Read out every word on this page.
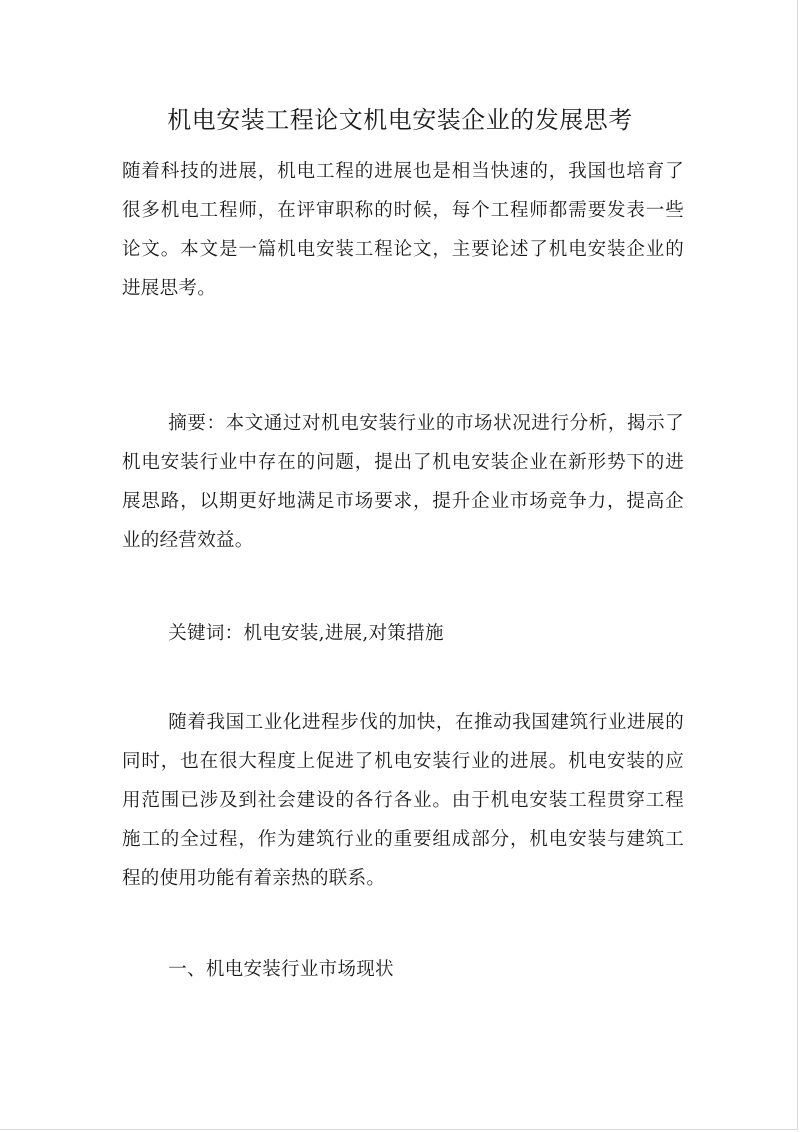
机电安装工程论文机电安装企业的发展思考

随着科技的进展，机电工程的进展也是相当快速的，我国也培育了很多机电工程师，在评审职称的时候，每个工程师都需要发表一些论文。本文是一篇机电安装工程论文，主要论述了机电安装企业的进展思考。

摘要：本文通过对机电安装行业的市场状况进行分析，揭示了机电安装行业中存在的问题，提出了机电安装企业在新形势下的进展思路，以期更好地满足市场要求，提升企业市场竞争力，提高企业的经营效益。

关键词：机电安装,进展,对策措施

随着我国工业化进程步伐的加快，在推动我国建筑行业进展的同时，也在很大程度上促进了机电安装行业的进展。机电安装的应用范围已涉及到社会建设的各行各业。由于机电安装工程贯穿工程施工的全过程，作为建筑行业的重要组成部分，机电安装与建筑工程的使用功能有着亲热的联系。

一、机电安装行业市场现状
